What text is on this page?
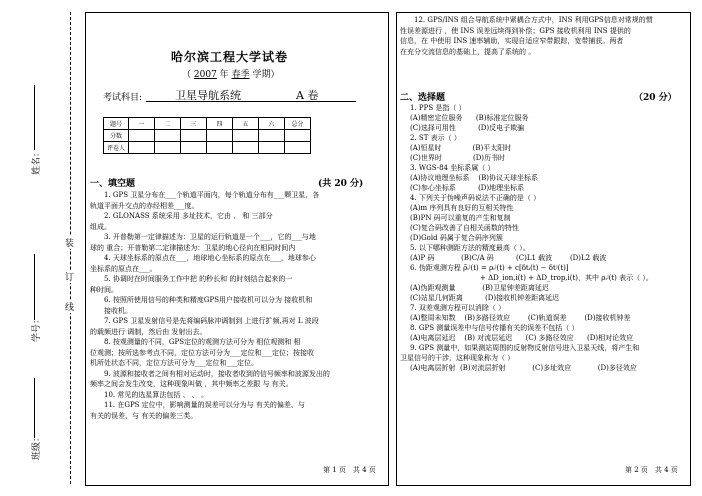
姓名：
学号：
班级：
装
订
线
哈尔滨工程大学试卷
（ 2007 年 春季 学期）
考试科目:	卫星导航系统	A 卷
题号	一	二	三	四	五	六	总分
分数							
评卷人							
一、填空题	(共 20 分)
1. GPS 卫星分布在___个轨道平面内，每个轨道分布有___颗卫星，各
轨道平面升交点的赤经相差___度。
2. GLONASS 系统采用 多址技术，它由 、 和 三部分
组成。
3. 开普勒第一定律描述为：卫星的运行轨道是一个___，它的___与地
球的 重合；开普勒第二定律描述为：卫星的地心径向在相同时间内
4. 天球坐标系的原点在___，地球地心坐标系的原点在___，地球参心
坐标系的原点在___。
5. 协调时在时间服务工作中把 的秒长和 的时刻结合起来的一
种时间。
6. 按照所使用信号的种类和精度GPS用户接收机可以分为 接收机和
接收机。
7. GPS 卫星发射信号是先将编码脉冲调制到 上进行扩频,再对 L 波段
的载频进行 调制，然后由 发射出去。
8. 按观测量的不同，GPS定位的观测方法可分为 相位观测和 相
位观测；按所选参考点不同，定位方法可分为___定位和___定位；按接收
机所处状态不同，定位方法可分为___定位和___定位。
9. 波源和接收者之间有相对运动时，接收者收到的信号频率和波源发出的
频率之间会发生改变，这种现象叫做 ，其中频率之差跟 与 有关。
10. 常见的选星算法包括 、 、 。
11. 在GPS 定位中，影响测量的误差可以分为与 有关的偏差、与
有关的误差、与 有关的偏差三类。
第 1 页　共 4 页
12. GPS/INS 组合导航系统中紧耦合方式中，INS 利用GPS信息对常规的惯
性误差源进行 ，使 INS 误差远续得到补偿；GPS 接收机利用 INS 提供的
信息，在 中使用 INS 速率辅助，实现自适应窄带跟踪，宽带捕获。两者
在充分交流信息的基础上，提高了系统的 。
二、选择题	（20 分）
1. PPS 是指（ ）
(A)精密定位服务      (B)标准定位服务
(C)选择可用性          (D)反电子欺骗
2. ST 表示（ ）
(A)恒星时              (B)平太阳时
(C)世界时              (D)历书时
3. WGS-84 坐标系属（ ）
(A)协议地理坐标系    (B)协议天球坐标系
(C)参心坐标系          (D)地理坐标系
4. 下列关于伪噪声码说法不正确的是（ ）
(A)m 序列具有良好的互相关特性
(B)PN 码可以重复的产生和复制
(C)复合码改善了自相关函数的特性
(D)Gold 码属于复合码序列簇
5. 以下哪种测距方法的精度最高（ ）。
(A)P 码            (B)C/A 码          (C)L1 载波        (D)L2 载波
6. 伪距观测方程 ρ̃ᵢʲ(t) = ρᵢʲ(t) + c[δtᵢ(t) − δtʲ(t)]
+ ΔD_ion,i(t) + ΔD_trop,i(t)，其中 ρᵢʲ(t) 表示（ ）。
(A)伪距观测量            (B)卫星钟差距离延迟
(C)站星几何距离          (D)接收机钟差距离延迟
7. 双差观测方程可以消除（ ）
(A)整周未知数    (B)多路径效应        (C)轨道误差        (D)接收机钟差
8. GPS 测量误差中与信号传播有关的误差不包括（ ）
(A)电离层延迟    (B) 对流层延迟      (C) 多路径效应      (D)相对论效应
9. GPS 测量中，如果测站周围的反射物反射信号进入卫星天线，将产生和
卫星信号的干涉，这种现象称为（ ）
(A)电离层折射  (B)对流层折射            (C)多址效应            (D)多径效应
第 2 页　共 4 页
